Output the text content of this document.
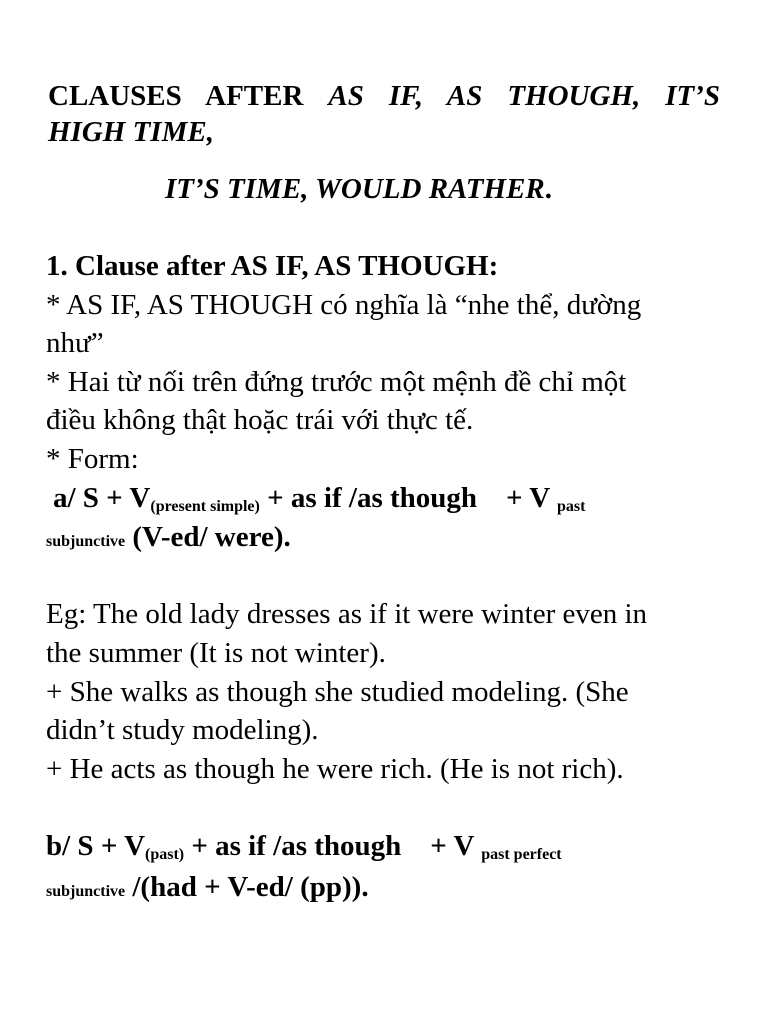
CLAUSES AFTER AS IF, AS THOUGH, IT’S

HIGH TIME,

IT’S TIME, WOULD RATHER.

1. Clause after AS IF, AS THOUGH:

* AS IF, AS THOUGH có nghĩa là “nhe thể, dường

như”

* Hai từ nối trên đứng trước một mệnh đề chỉ một

điều không thật hoặc trái với thực tế.

* Form:

a/ $S + V_{(present simple)}$ + as if /as though    + V $_{past}$

subjunctive (V-ed/ were).

Eg: The old lady dresses as if it were winter even in

the summer (It is not winter).

+ She walks as though she studied modeling. (She

didn’t study modeling).

+ He acts as though he were rich. (He is not rich).

b/ $S + V_{(past)}$ + as if /as though    + V $_{past perfect}$

subjunctive /(had + V-ed/ (pp)).
